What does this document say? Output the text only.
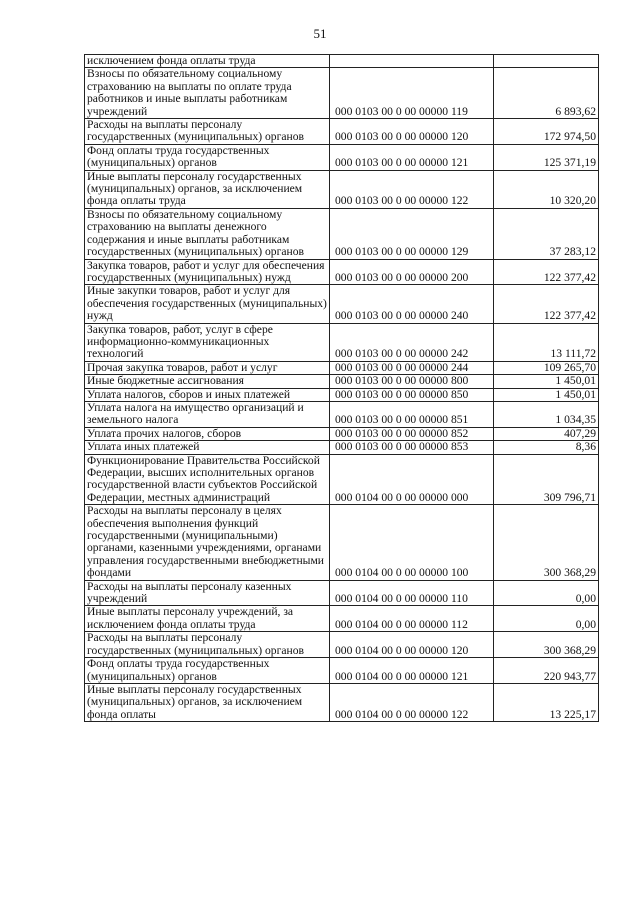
51
исключением фонда оплаты труда		
Взносы по обязательному социальному страхованию на выплаты по оплате труда работников и иные выплаты работникам учреждений	000 0103 00 0 00 00000 119	6 893,62
Расходы на выплаты персоналу государственных (муниципальных) органов	000 0103 00 0 00 00000 120	172 974,50
Фонд оплаты труда государственных (муниципальных) органов	000 0103 00 0 00 00000 121	125 371,19
Иные выплаты персоналу государственных (муниципальных) органов, за исключением фонда оплаты труда	000 0103 00 0 00 00000 122	10 320,20
Взносы по обязательному социальному страхованию на выплаты денежного содержания и иные выплаты работникам государственных (муниципальных) органов	000 0103 00 0 00 00000 129	37 283,12
Закупка товаров, работ и услуг для обеспечения государственных (муниципальных) нужд	000 0103 00 0 00 00000 200	122 377,42
Иные закупки товаров, работ и услуг для обеспечения государственных (муниципальных) нужд	000 0103 00 0 00 00000 240	122 377,42
Закупка товаров, работ, услуг в сфере информационно-коммуникационных технологий	000 0103 00 0 00 00000 242	13 111,72
Прочая закупка товаров, работ и услуг	000 0103 00 0 00 00000 244	109 265,70
Иные бюджетные ассигнования	000 0103 00 0 00 00000 800	1 450,01
Уплата налогов, сборов и иных платежей	000 0103 00 0 00 00000 850	1 450,01
Уплата налога на имущество организаций и земельного налога	000 0103 00 0 00 00000 851	1 034,35
Уплата прочих налогов, сборов	000 0103 00 0 00 00000 852	407,29
Уплата иных платежей	000 0103 00 0 00 00000 853	8,36
Функционирование Правительства Российской Федерации, высших исполнительных органов государственной власти субъектов Российской Федерации, местных администраций	000 0104 00 0 00 00000 000	309 796,71
Расходы на выплаты персоналу в целях обеспечения выполнения функций государственными (муниципальными) органами, казенными учреждениями, органами управления государственными внебюджетными фондами	000 0104 00 0 00 00000 100	300 368,29
Расходы на выплаты персоналу казенных учреждений	000 0104 00 0 00 00000 110	0,00
Иные выплаты персоналу учреждений, за исключением фонда оплаты труда	000 0104 00 0 00 00000 112	0,00
Расходы на выплаты персоналу государственных (муниципальных) органов	000 0104 00 0 00 00000 120	300 368,29
Фонд оплаты труда государственных (муниципальных) органов	000 0104 00 0 00 00000 121	220 943,77
Иные выплаты персоналу государственных (муниципальных) органов, за исключением фонда оплаты	000 0104 00 0 00 00000 122	13 225,17
